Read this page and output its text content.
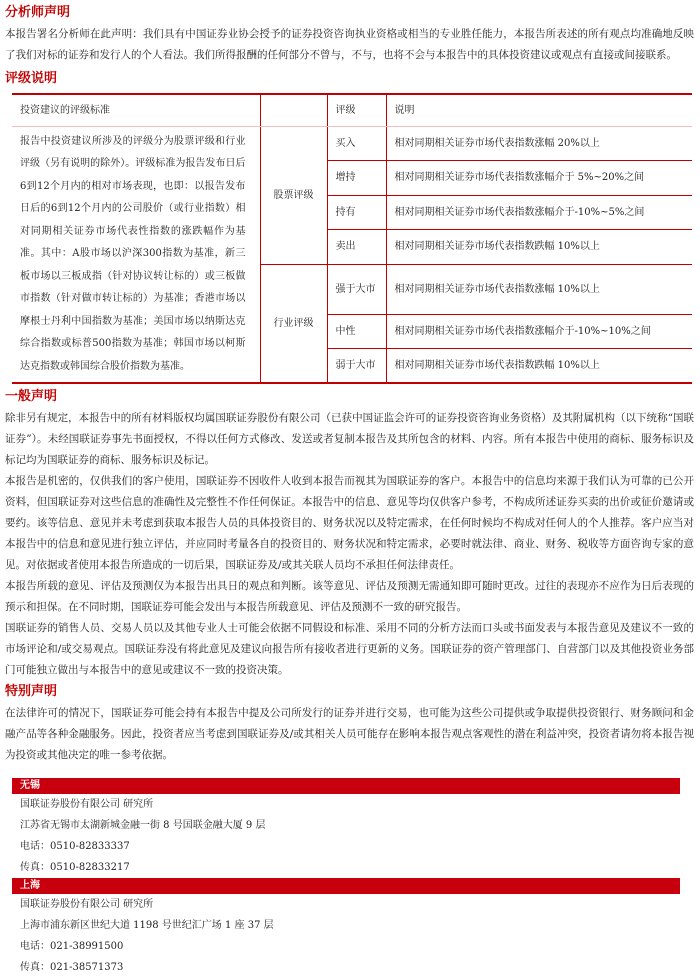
分析师声明
本报告署名分析师在此声明：我们具有中国证券业协会授予的证券投资咨询执业资格或相当的专业胜任能力，本报告所表述的所有观点均准确地反映了我们对标的证券和发行人的个人看法。我们所得报酬的任何部分不曾与，不与，也将不会与本报告中的具体投资建议或观点有直接或间接联系。
评级说明
投资建议的评级标准		评级	说明
报告中投资建议所涉及的评级分为股票评级和行业评级（另有说明的除外）。评级标准为报告发布日后6到12个月内的相对市场表现，也即：以报告发布日后的6到12个月内的公司股价（或行业指数）相对同期相关证券市场代表性指数的涨跌幅作为基准。其中：A股市场以沪深300指数为基准，新三板市场以三板成指（针对协议转让标的）或三板做市指数（针对做市转让标的）为基准；香港市场以摩根士丹利中国指数为基准；美国市场以纳斯达克综合指数或标普500指数为基准；韩国市场以柯斯达克指数或韩国综合股价指数为基准。	股票评级	买入	相对同期相关证券市场代表指数涨幅 20%以上
		增持	相对同期相关证券市场代表指数涨幅介于 5%~20%之间
		持有	相对同期相关证券市场代表指数涨幅介于-10%~5%之间
		卖出	相对同期相关证券市场代表指数跌幅 10%以上
	行业评级	强于大市	相对同期相关证券市场代表指数涨幅 10%以上
		中性	相对同期相关证券市场代表指数涨幅介于-10%~10%之间
		弱于大市	相对同期相关证券市场代表指数跌幅 10%以上
一般声明
除非另有规定，本报告中的所有材料版权均属国联证券股份有限公司（已获中国证监会许可的证券投资咨询业务资格）及其附属机构（以下统称“国联证券”）。未经国联证券事先书面授权，不得以任何方式修改、发送或者复制本报告及其所包含的材料、内容。所有本报告中使用的商标、服务标识及标记均为国联证券的商标、服务标识及标记。
本报告是机密的，仅供我们的客户使用，国联证券不因收件人收到本报告而视其为国联证券的客户。本报告中的信息均来源于我们认为可靠的已公开资料，但国联证券对这些信息的准确性及完整性不作任何保证。本报告中的信息、意见等均仅供客户参考，不构成所述证券买卖的出价或征价邀请或要约。该等信息、意见并未考虑到获取本报告人员的具体投资目的、财务状况以及特定需求，在任何时候均不构成对任何人的个人推荐。客户应当对本报告中的信息和意见进行独立评估，并应同时考量各自的投资目的、财务状况和特定需求，必要时就法律、商业、财务、税收等方面咨询专家的意见。对依据或者使用本报告所造成的一切后果，国联证券及/或其关联人员均不承担任何法律责任。
本报告所载的意见、评估及预测仅为本报告出具日的观点和判断。该等意见、评估及预测无需通知即可随时更改。过往的表现亦不应作为日后表现的预示和担保。在不同时期，国联证券可能会发出与本报告所载意见、评估及预测不一致的研究报告。
国联证券的销售人员、交易人员以及其他专业人士可能会依据不同假设和标准、采用不同的分析方法而口头或书面发表与本报告意见及建议不一致的市场评论和/或交易观点。国联证券没有将此意见及建议向报告所有接收者进行更新的义务。国联证券的资产管理部门、自营部门以及其他投资业务部门可能独立做出与本报告中的意见或建议不一致的投资决策。
特别声明
在法律许可的情况下，国联证券可能会持有本报告中提及公司所发行的证券并进行交易，也可能为这些公司提供或争取提供投资银行、财务顾问和金融产品等各种金融服务。因此，投资者应当考虑到国联证券及/或其相关人员可能存在影响本报告观点客观性的潜在利益冲突，投资者请勿将本报告视为投资或其他决定的唯一参考依据。
无锡
国联证券股份有限公司 研究所
江苏省无锡市太湖新城金融一街 8 号国联金融大厦 9 层
电话：0510-82833337
传真：0510-82833217
上海
国联证券股份有限公司 研究所
上海市浦东新区世纪大道 1198 号世纪汇广场 1 座 37 层
电话：021-38991500
传真：021-38571373
